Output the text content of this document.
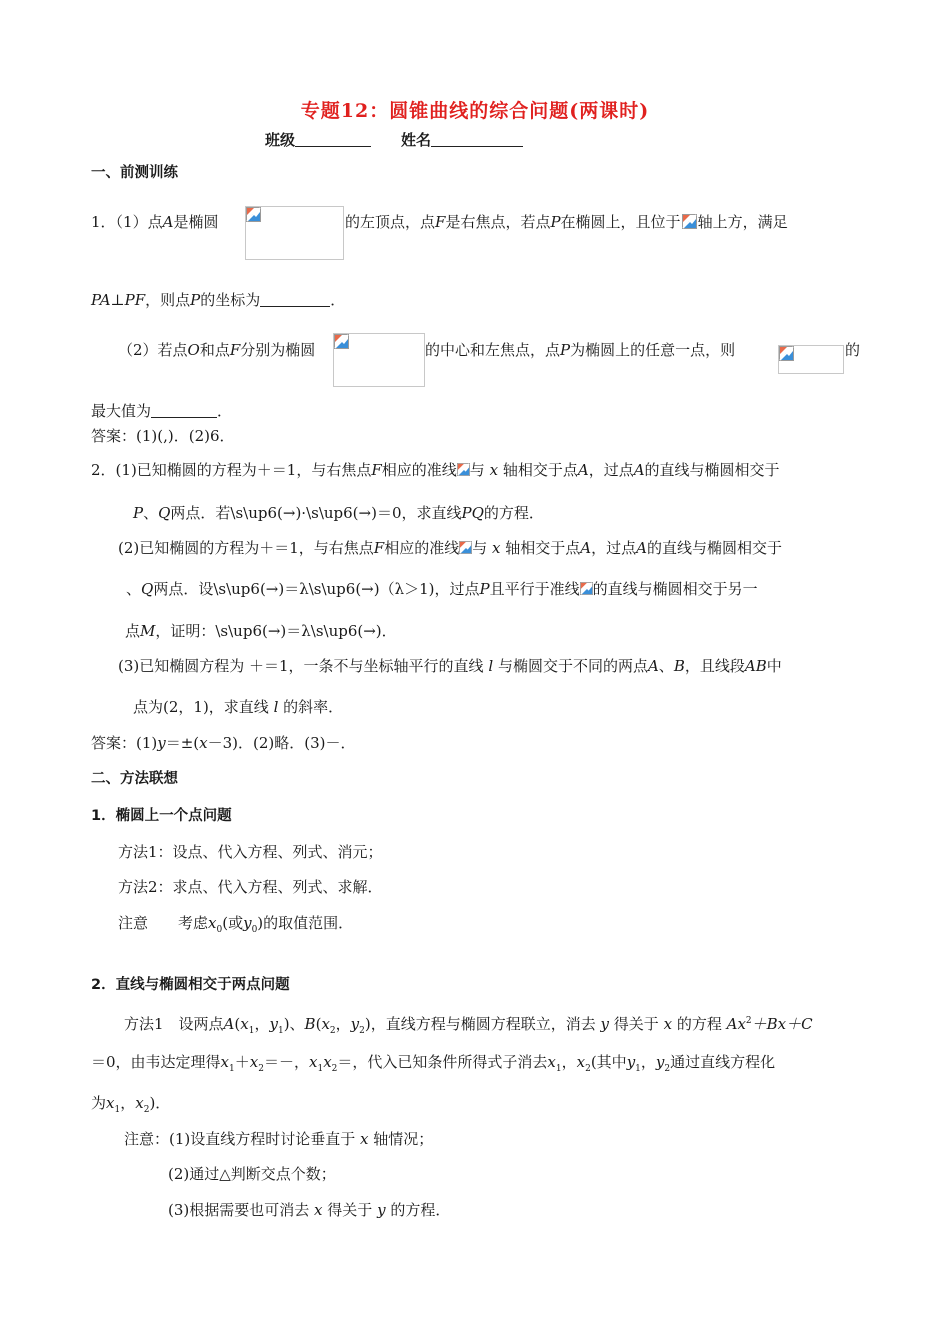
专题12：圆锥曲线的综合问题(两课时)
班级	姓名
一、前测训练
1．（1）点A是椭圆	的左顶点，点F是右焦点，若点P在椭圆上，且位于 轴上方，满足
PA⊥PF，则点P的坐标为	．
（2）若点O和点F分别为椭圆	的中心和左焦点，点P为椭圆上的任意一点，则	的
最大值为	．
答案：(1)(,)．(2)6．
2．(1)已知椭圆的方程为＋＝1，与右焦点F相应的准线 与 x 轴相交于点A，过点A的直线与椭圆相交于
P、Q两点．若\s\up6(→)·\s\up6(→)＝0，求直线PQ的方程．
(2)已知椭圆的方程为＋＝1，与右焦点F相应的准线 与 x 轴相交于点A，过点A的直线与椭圆相交于
、Q两点．设\s\up6(→)＝λ\s\up6(→)（λ＞1)，过点P且平行于准线 的直线与椭圆相交于另一
点M，证明：\s\up6(→)＝λ\s\up6(→)．
(3)已知椭圆方程为 ＋＝1，一条不与坐标轴平行的直线 l 与椭圆交于不同的两点A、B，且线段AB中
点为(2，1)，求直线 l 的斜率．
答案：(1)y＝±(x－3)．(2)略．(3)－．
二、方法联想
1．椭圆上一个点问题
方法1：设点、代入方程、列式、消元；
方法2：求点、代入方程、列式、求解．
注意　　考虑$x_0$(或$y_0$)的取值范围．
2．直线与椭圆相交于两点问题
方法1　设两点$A(x_1$，$y_1$)、$B(x_2$，$y_2$)，直线方程与椭圆方程联立，消去 y 得关于 x 的方程 $Ax^2+Bx+C$
＝0，由韦达定理得$x_1+x_2=-$，$x_1x_2=$，代入已知条件所得式子消去$x_1$，$x_2$(其中$y_1$，$y_2$通过直线方程化
为$x_1$，$x_2$)．
注意：(1)设直线方程时讨论垂直于 x 轴情况；
(2)通过△判断交点个数；
(3)根据需要也可消去 x 得关于 y 的方程．
